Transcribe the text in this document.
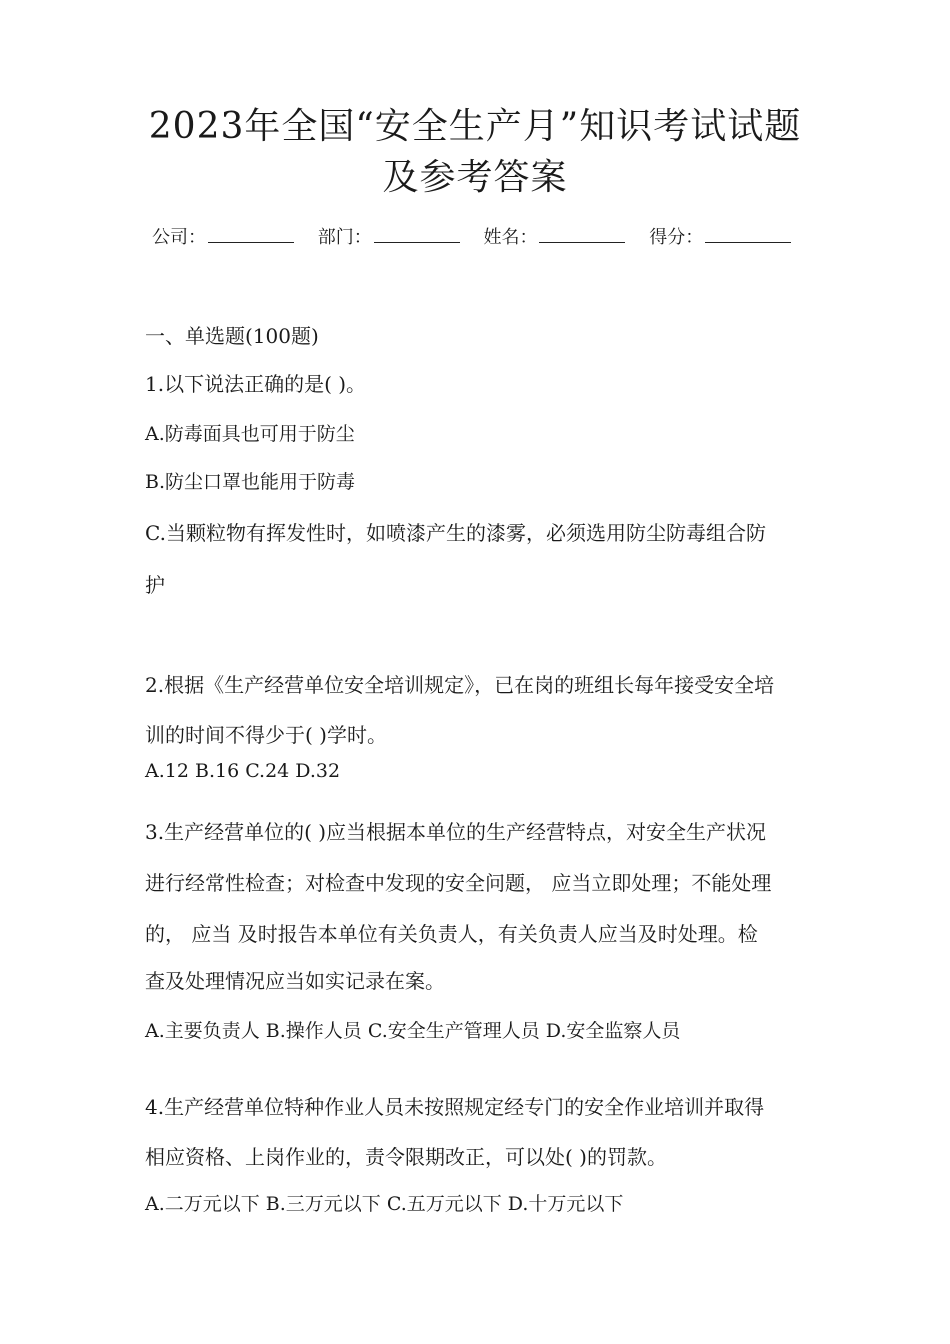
2023年全国“安全生产月”知识考试试题
及参考答案
公司：	部门：	姓名：	得分：
一、单选题(100题)
1.以下说法正确的是( )。
A.防毒面具也可用于防尘
B.防尘口罩也能用于防毒
C.当颗粒物有挥发性时，如喷漆产生的漆雾，必须选用防尘防毒组合防
护
2.根据《生产经营单位安全培训规定》，已在岗的班组长每年接受安全培
训的时间不得少于( )学时。
A.12 B.16 C.24 D.32
3.生产经营单位的( )应当根据本单位的生产经营特点，对安全生产状况
进行经常性检查；对检查中发现的安全问题， 应当立即处理；不能处理
的， 应当 及时报告本单位有关负责人，有关负责人应当及时处理。检
查及处理情况应当如实记录在案。
A.主要负责人 B.操作人员 C.安全生产管理人员 D.安全监察人员
4.生产经营单位特种作业人员未按照规定经专门的安全作业培训并取得
相应资格、上岗作业的，责令限期改正，可以处( )的罚款。
A.二万元以下 B.三万元以下 C.五万元以下 D.十万元以下
